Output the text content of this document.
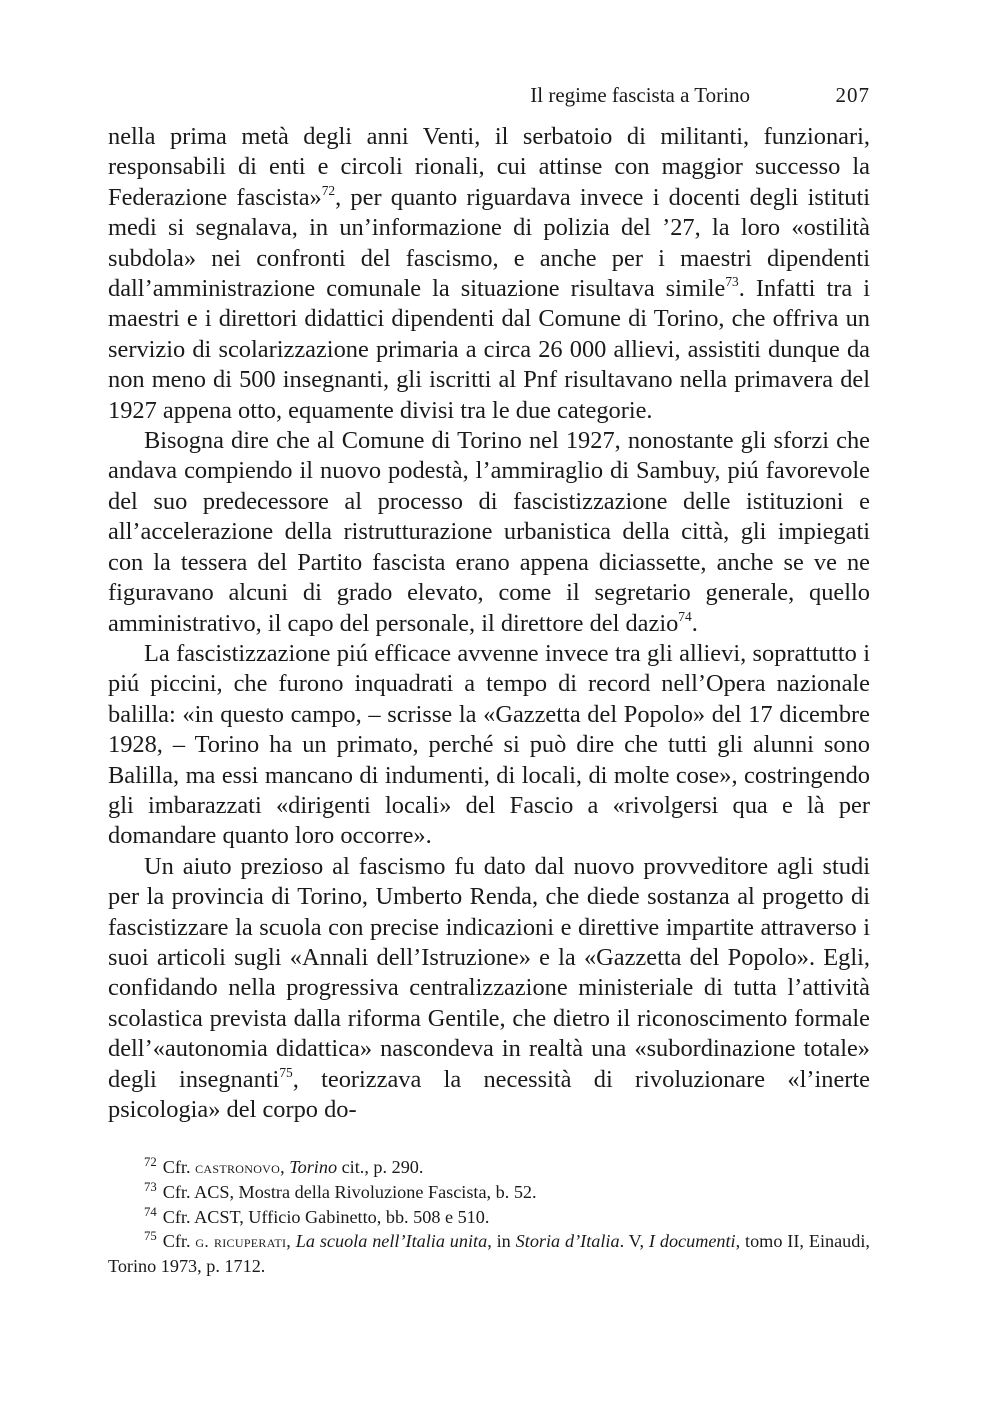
Il regime fascista a Torino	207

nella prima metà degli anni Venti, il serbatoio di militanti, funzionari, responsabili di enti e circoli rionali, cui attinse con maggior successo la Federazione fascista»$^{72}$, per quanto riguardava invece i docenti degli istituti medi si segnalava, in un’informazione di polizia del ’27, la loro «ostilità subdola» nei confronti del fascismo, e anche per i maestri dipendenti dall’amministrazione comunale la situazione risultava simile$^{73}$. Infatti tra i maestri e i direttori didattici dipendenti dal Comune di Torino, che offriva un servizio di scolarizzazione primaria a circa 26 000 allievi, assistiti dunque da non meno di 500 insegnanti, gli iscritti al Pnf risultavano nella primavera del 1927 appena otto, equamente divisi tra le due categorie.

Bisogna dire che al Comune di Torino nel 1927, nonostante gli sforzi che andava compiendo il nuovo podestà, l’ammiraglio di Sambuy, piú favorevole del suo predecessore al processo di fascistizzazione delle istituzioni e all’accelerazione della ristrutturazione urbanistica della città, gli impiegati con la tessera del Partito fascista erano appena diciassette, anche se ve ne figuravano alcuni di grado elevato, come il segretario generale, quello amministrativo, il capo del personale, il direttore del dazio$^{74}$.

La fascistizzazione piú efficace avvenne invece tra gli allievi, soprattutto i piú piccini, che furono inquadrati a tempo di record nell’Opera nazionale balilla: «in questo campo, – scrisse la «Gazzetta del Popolo» del 17 dicembre 1928, – Torino ha un primato, perché si può dire che tutti gli alunni sono Balilla, ma essi mancano di indumenti, di locali, di molte cose», costringendo gli imbarazzati «dirigenti locali» del Fascio a «rivolgersi qua e là per domandare quanto loro occorre».

Un aiuto prezioso al fascismo fu dato dal nuovo provveditore agli studi per la provincia di Torino, Umberto Renda, che diede sostanza al progetto di fascistizzare la scuola con precise indicazioni e direttive impartite attraverso i suoi articoli sugli «Annali dell’Istruzione» e la «Gazzetta del Popolo». Egli, confidando nella progressiva centralizzazione ministeriale di tutta l’attività scolastica prevista dalla riforma Gentile, che dietro il riconoscimento formale dell’«autonomia didattica» nascondeva in realtà una «subordinazione totale» degli insegnanti$^{75}$, teorizzava la necessità di rivoluzionare «l’inerte psicologia» del corpo do-

$^{72}$ Cfr. castronovo, Torino cit., p. 290.

$^{73}$ Cfr. ACS, Mostra della Rivoluzione Fascista, b. 52.

$^{74}$ Cfr. ACST, Ufficio Gabinetto, bb. 508 e 510.

$^{75}$ Cfr. g. ricuperati, La scuola nell’Italia unita, in Storia d’Italia. V, I documenti, tomo II, Einaudi, Torino 1973, p. 1712.
